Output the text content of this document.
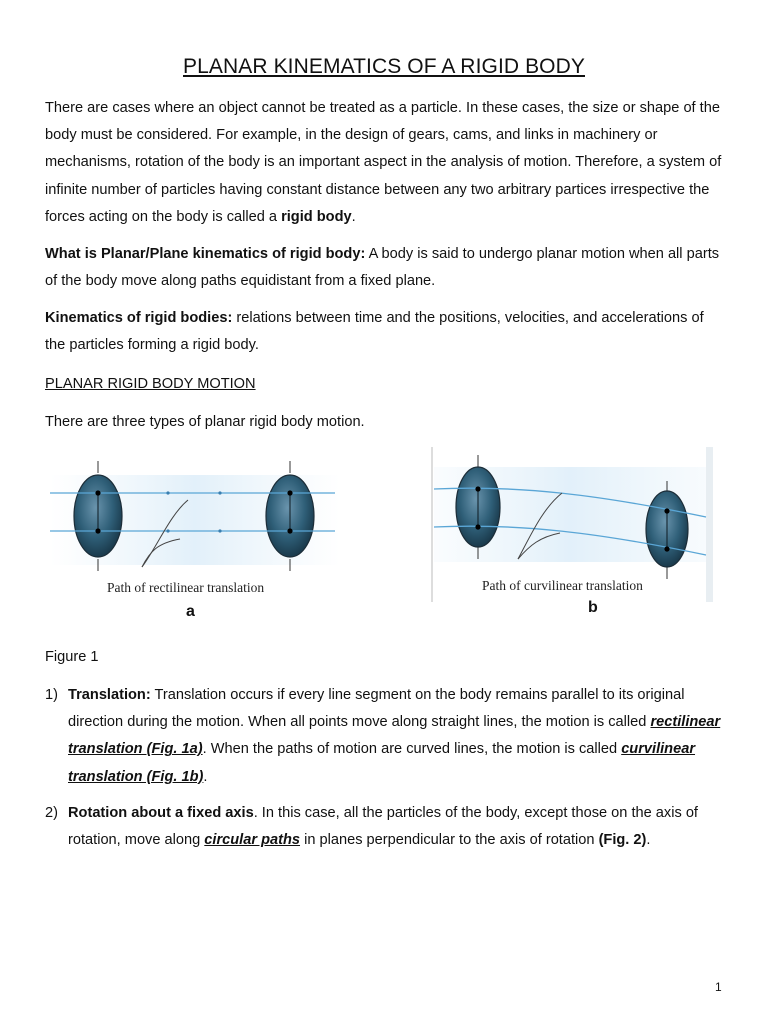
PLANAR KINEMATICS OF A RIGID BODY

There are cases where an object cannot be treated as a particle. In these cases, the size or shape of the body must be considered. For example, in the design of gears, cams, and links in machinery or mechanisms, rotation of the body is an important aspect in the analysis of motion. Therefore, a system of infinite number of particles having constant distance between any two arbitrary partices irrespective the forces acting on the body is called a rigid body.

What is Planar/Plane kinematics of rigid body: A body is said to undergo planar motion when all parts of the body move along paths equidistant from a fixed plane.

Kinematics of rigid bodies: relations between time and the positions, velocities, and accelerations of the particles forming a rigid body.

PLANAR RIGID BODY MOTION

There are three types of planar rigid body motion.

Path of rectilinear translation
a
Path of curvilinear translation
b
Figure 1
1) Translation: Translation occurs if every line segment on the body remains parallel to its original direction during the motion. When all points move along straight lines, the motion is called rectilinear translation (Fig. 1a). When the paths of motion are curved lines, the motion is called curvilinear translation (Fig. 1b).
2) Rotation about a fixed axis. In this case, all the particles of the body, except those on the axis of rotation, move along circular paths in planes perpendicular to the axis of rotation (Fig. 2).
1
